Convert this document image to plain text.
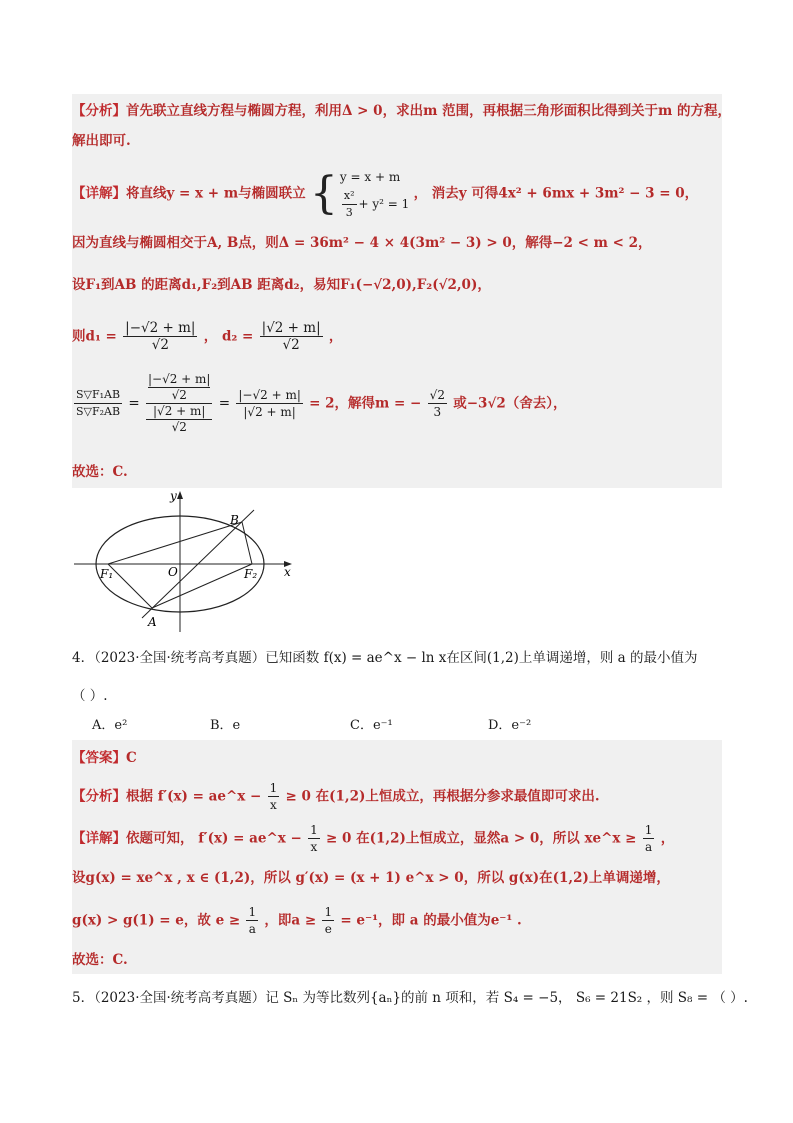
【分析】首先联立直线方程与椭圆方程，利用Δ > 0，求出m 范围，再根据三角形面积比得到关于m 的方程，
解出即可.
【详解】将直线y = x + m与椭圆联立 { y = x + m
$\frac{\text{x²}}{3} + y^2 = 1$
， 消去y 可得4x² + 6mx + 3m² − 3 = 0，
因为直线与椭圆相交于A, B点，则Δ = 36m² − 4 × 4(3m² − 3) > 0，解得−2 < m < 2，
设F₁到AB 的距离d₁,F₂到AB 距离d₂，易知F₁(−√2,0),F₂(√2,0)，
则$d_1 = \frac{|-√2 + m|}{√2}$ ， $d_2 = \frac{|√2 + m|}{√2}$ ，
$\frac{\text{S▽F₁AB}}{\text{S▽F₂AB}} = |-√2 + m|$
√2
|√2 + m|
$√2 = \frac{|-√2 + m|}{|√2 + m|} = 2$，解得m = − $\frac{√2}{3}$ 或−3√2（舍去），
故选：C.
y
x
O
A
B
F₁	F₂
4．（2023·全国·统考高考真题）已知函数 f(x) = ae^x − ln x在区间(1,2)上单调递增，则 a 的最小值为
（ ）.
A．e²	B．e	C．e⁻¹	D．e⁻²
【答案】C
【分析】根据 f′(x) = ae^x − $\frac{1}{x} \ge 0$ 在(1,2)上恒成立，再根据分参求最值即可求出.
【详解】依题可知， f′(x) = ae^x − $\frac{1}{x} \ge 0$ 在(1,2)上恒成立，显然a > 0，所以 xe^x ≥ $\frac{1}{a}$ ，
设g(x) = xe^x , x ∈ (1,2)，所以 g′(x) = (x + 1) e^x > 0，所以 g(x)在(1,2)上单调递增，
g(x) > g(1) = e，故 $e \ge \frac{1}{a}$ ，即$a \ge \frac{1}{e} = e^{-1}$，即 a 的最小值为e⁻¹ .
故选：C.
5．（2023·全国·统考高考真题）记 Sₙ 为等比数列{aₙ}的前 n 项和，若 S₄ = −5， S₆ = 21S₂ ，则 S₈ = （ ）.
